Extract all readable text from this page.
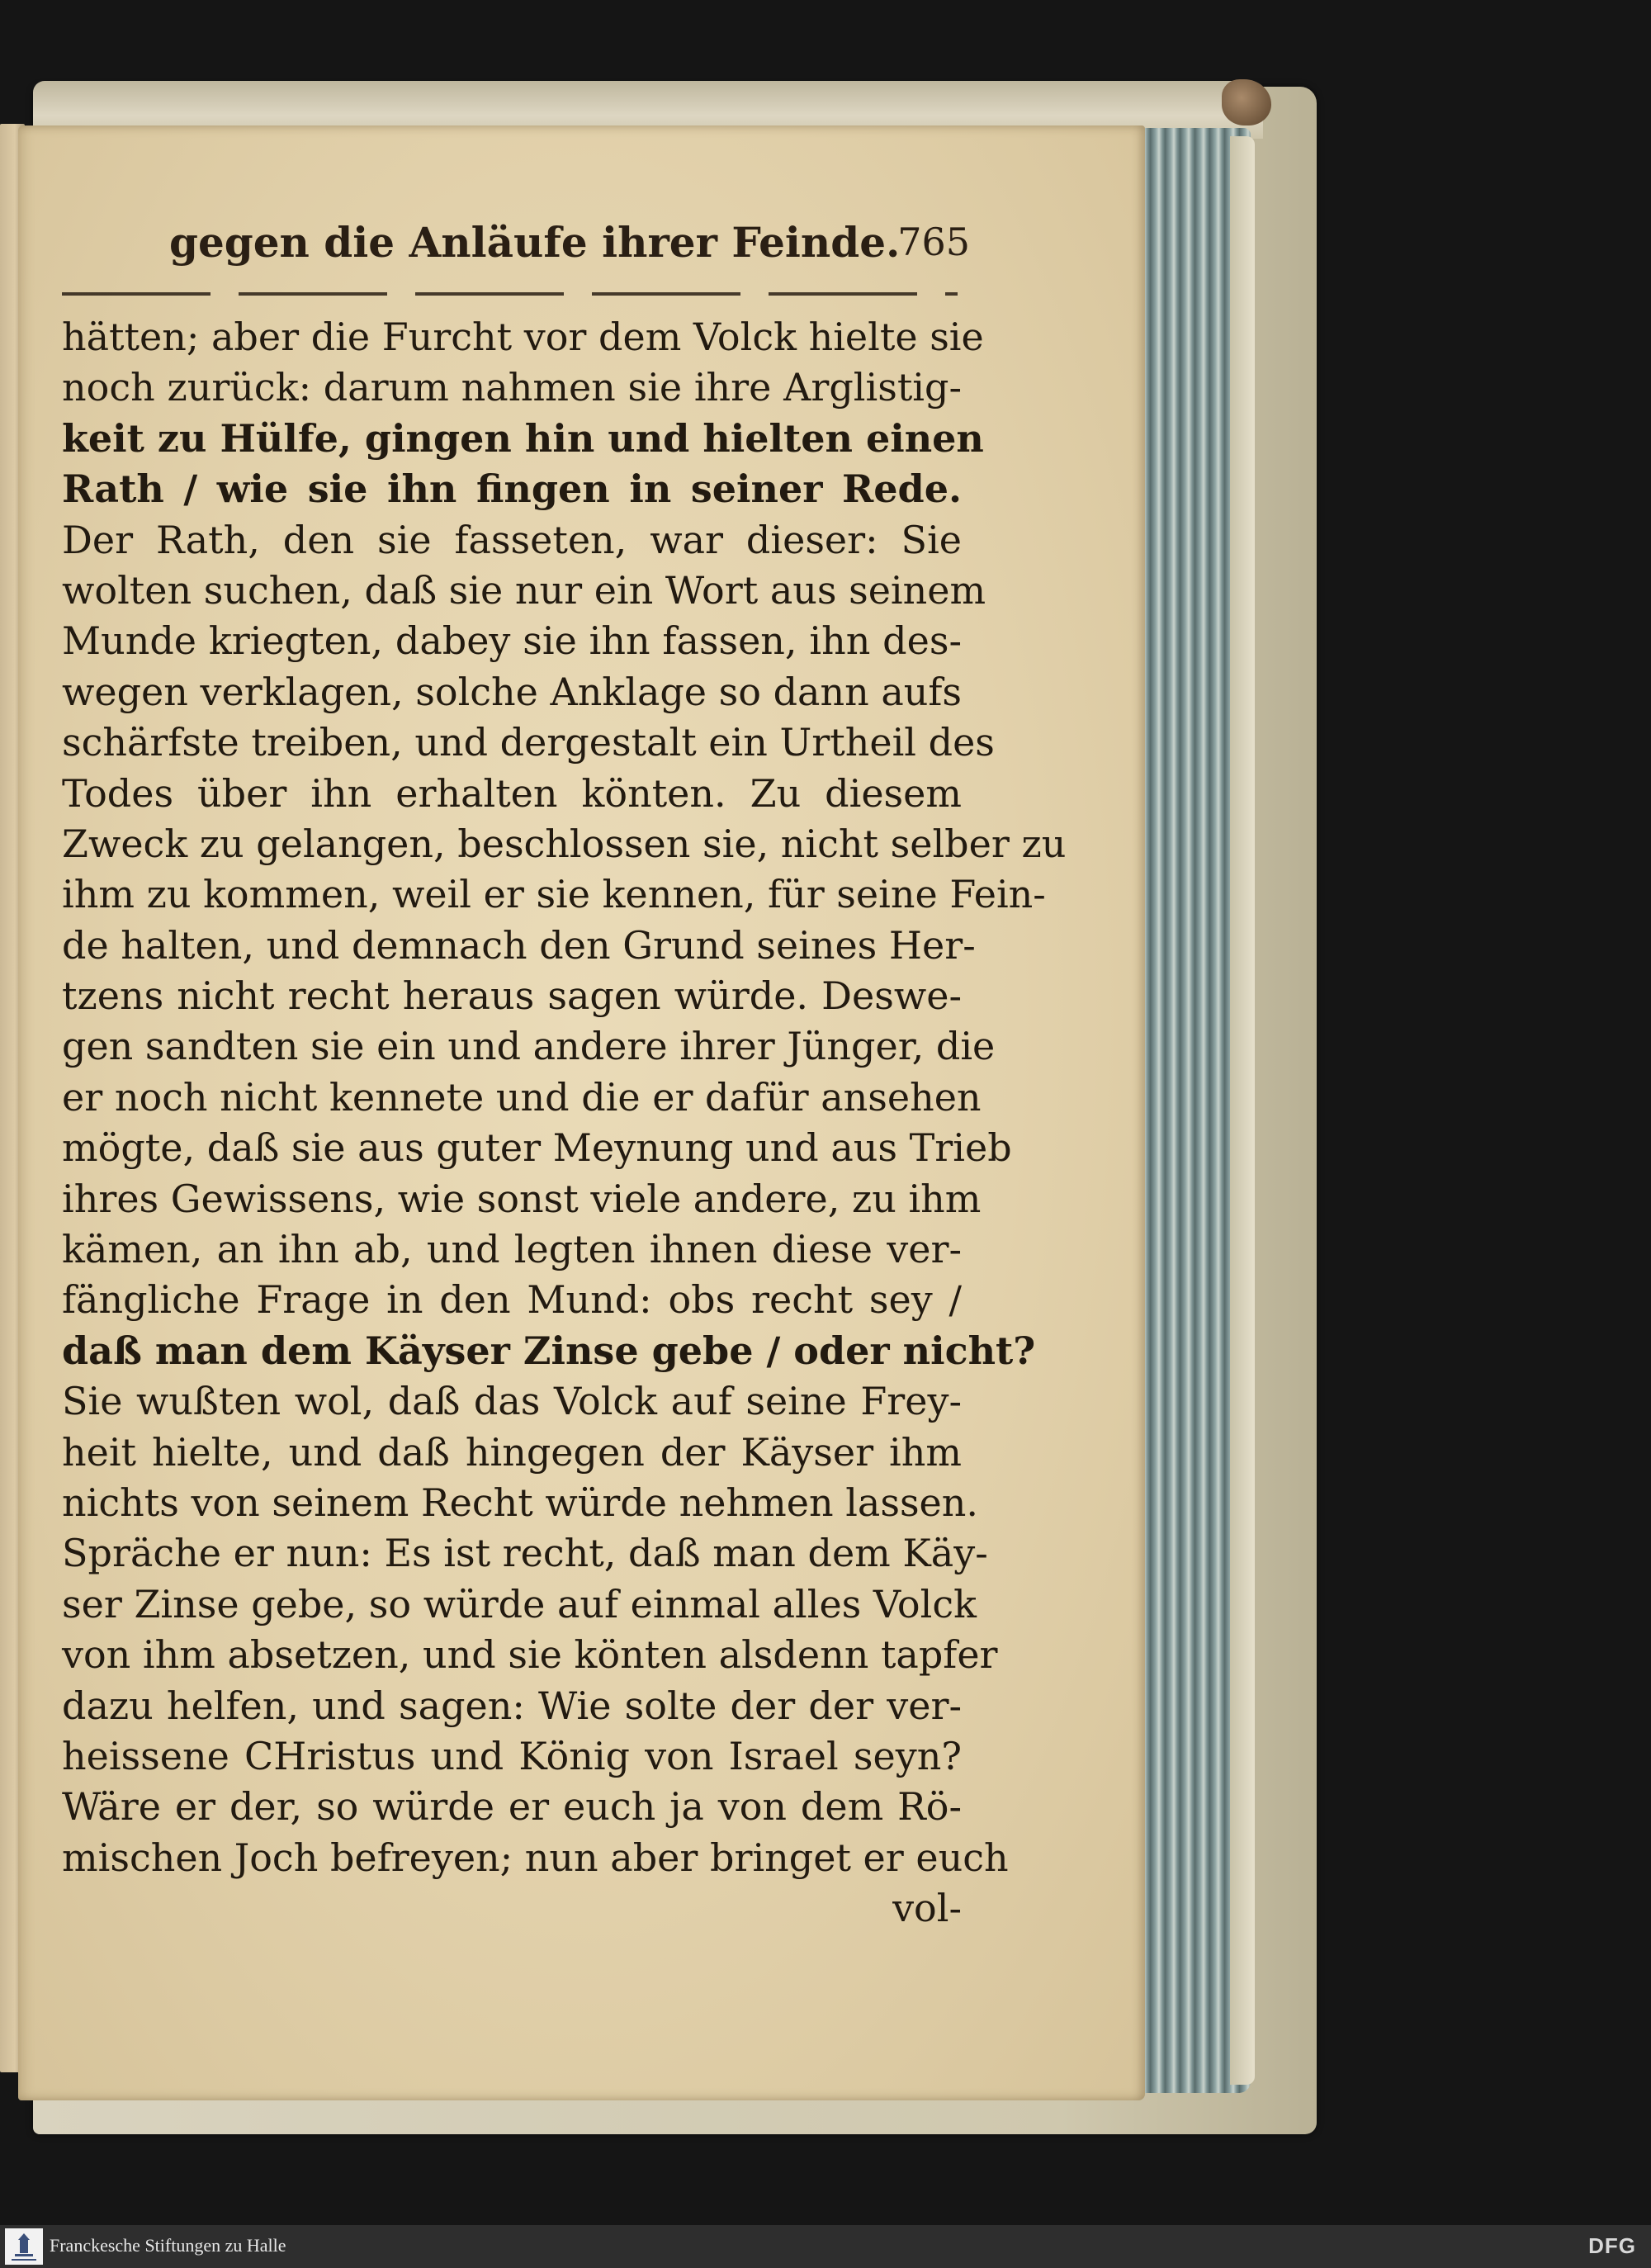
gegen die Anläufe ihrer Feinde.
765
hätten; aber die Furcht vor dem Volck hielte sie
noch zurück: darum nahmen sie ihre Arglistig-
keit zu Hülfe, gingen hin und hielten einen
Rath / wie sie ihn fingen in seiner Rede.
Der Rath, den sie fasseten, war dieser: Sie
wolten suchen, daß sie nur ein Wort aus seinem
Munde kriegten, dabey sie ihn fassen, ihn des-
wegen verklagen, solche Anklage so dann aufs
schärfste treiben, und dergestalt ein Urtheil des
Todes über ihn erhalten könten. Zu diesem
Zweck zu gelangen, beschlossen sie, nicht selber zu
ihm zu kommen, weil er sie kennen, für seine Fein-
de halten, und demnach den Grund seines Her-
tzens nicht recht heraus sagen würde. Deswe-
gen sandten sie ein und andere ihrer Jünger, die
er noch nicht kennete und die er dafür ansehen
mögte, daß sie aus guter Meynung und aus Trieb
ihres Gewissens, wie sonst viele andere, zu ihm
kämen, an ihn ab, und legten ihnen diese ver-
fängliche Frage in den Mund: obs recht sey /
daß man dem Käyser Zinse gebe / oder nicht?
Sie wußten wol, daß das Volck auf seine Frey-
heit hielte, und daß hingegen der Käyser ihm
nichts von seinem Recht würde nehmen lassen.
Spräche er nun: Es ist recht, daß man dem Käy-
ser Zinse gebe, so würde auf einmal alles Volck
von ihm absetzen, und sie könten alsdenn tapfer
dazu helfen, und sagen: Wie solte der der ver-
heissene CHristus und König von Israel seyn?
Wäre er der, so würde er euch ja von dem Rö-
mischen Joch befreyen; nun aber bringet er euch
vol-
Franckesche Stiftungen zu Halle	DFG
